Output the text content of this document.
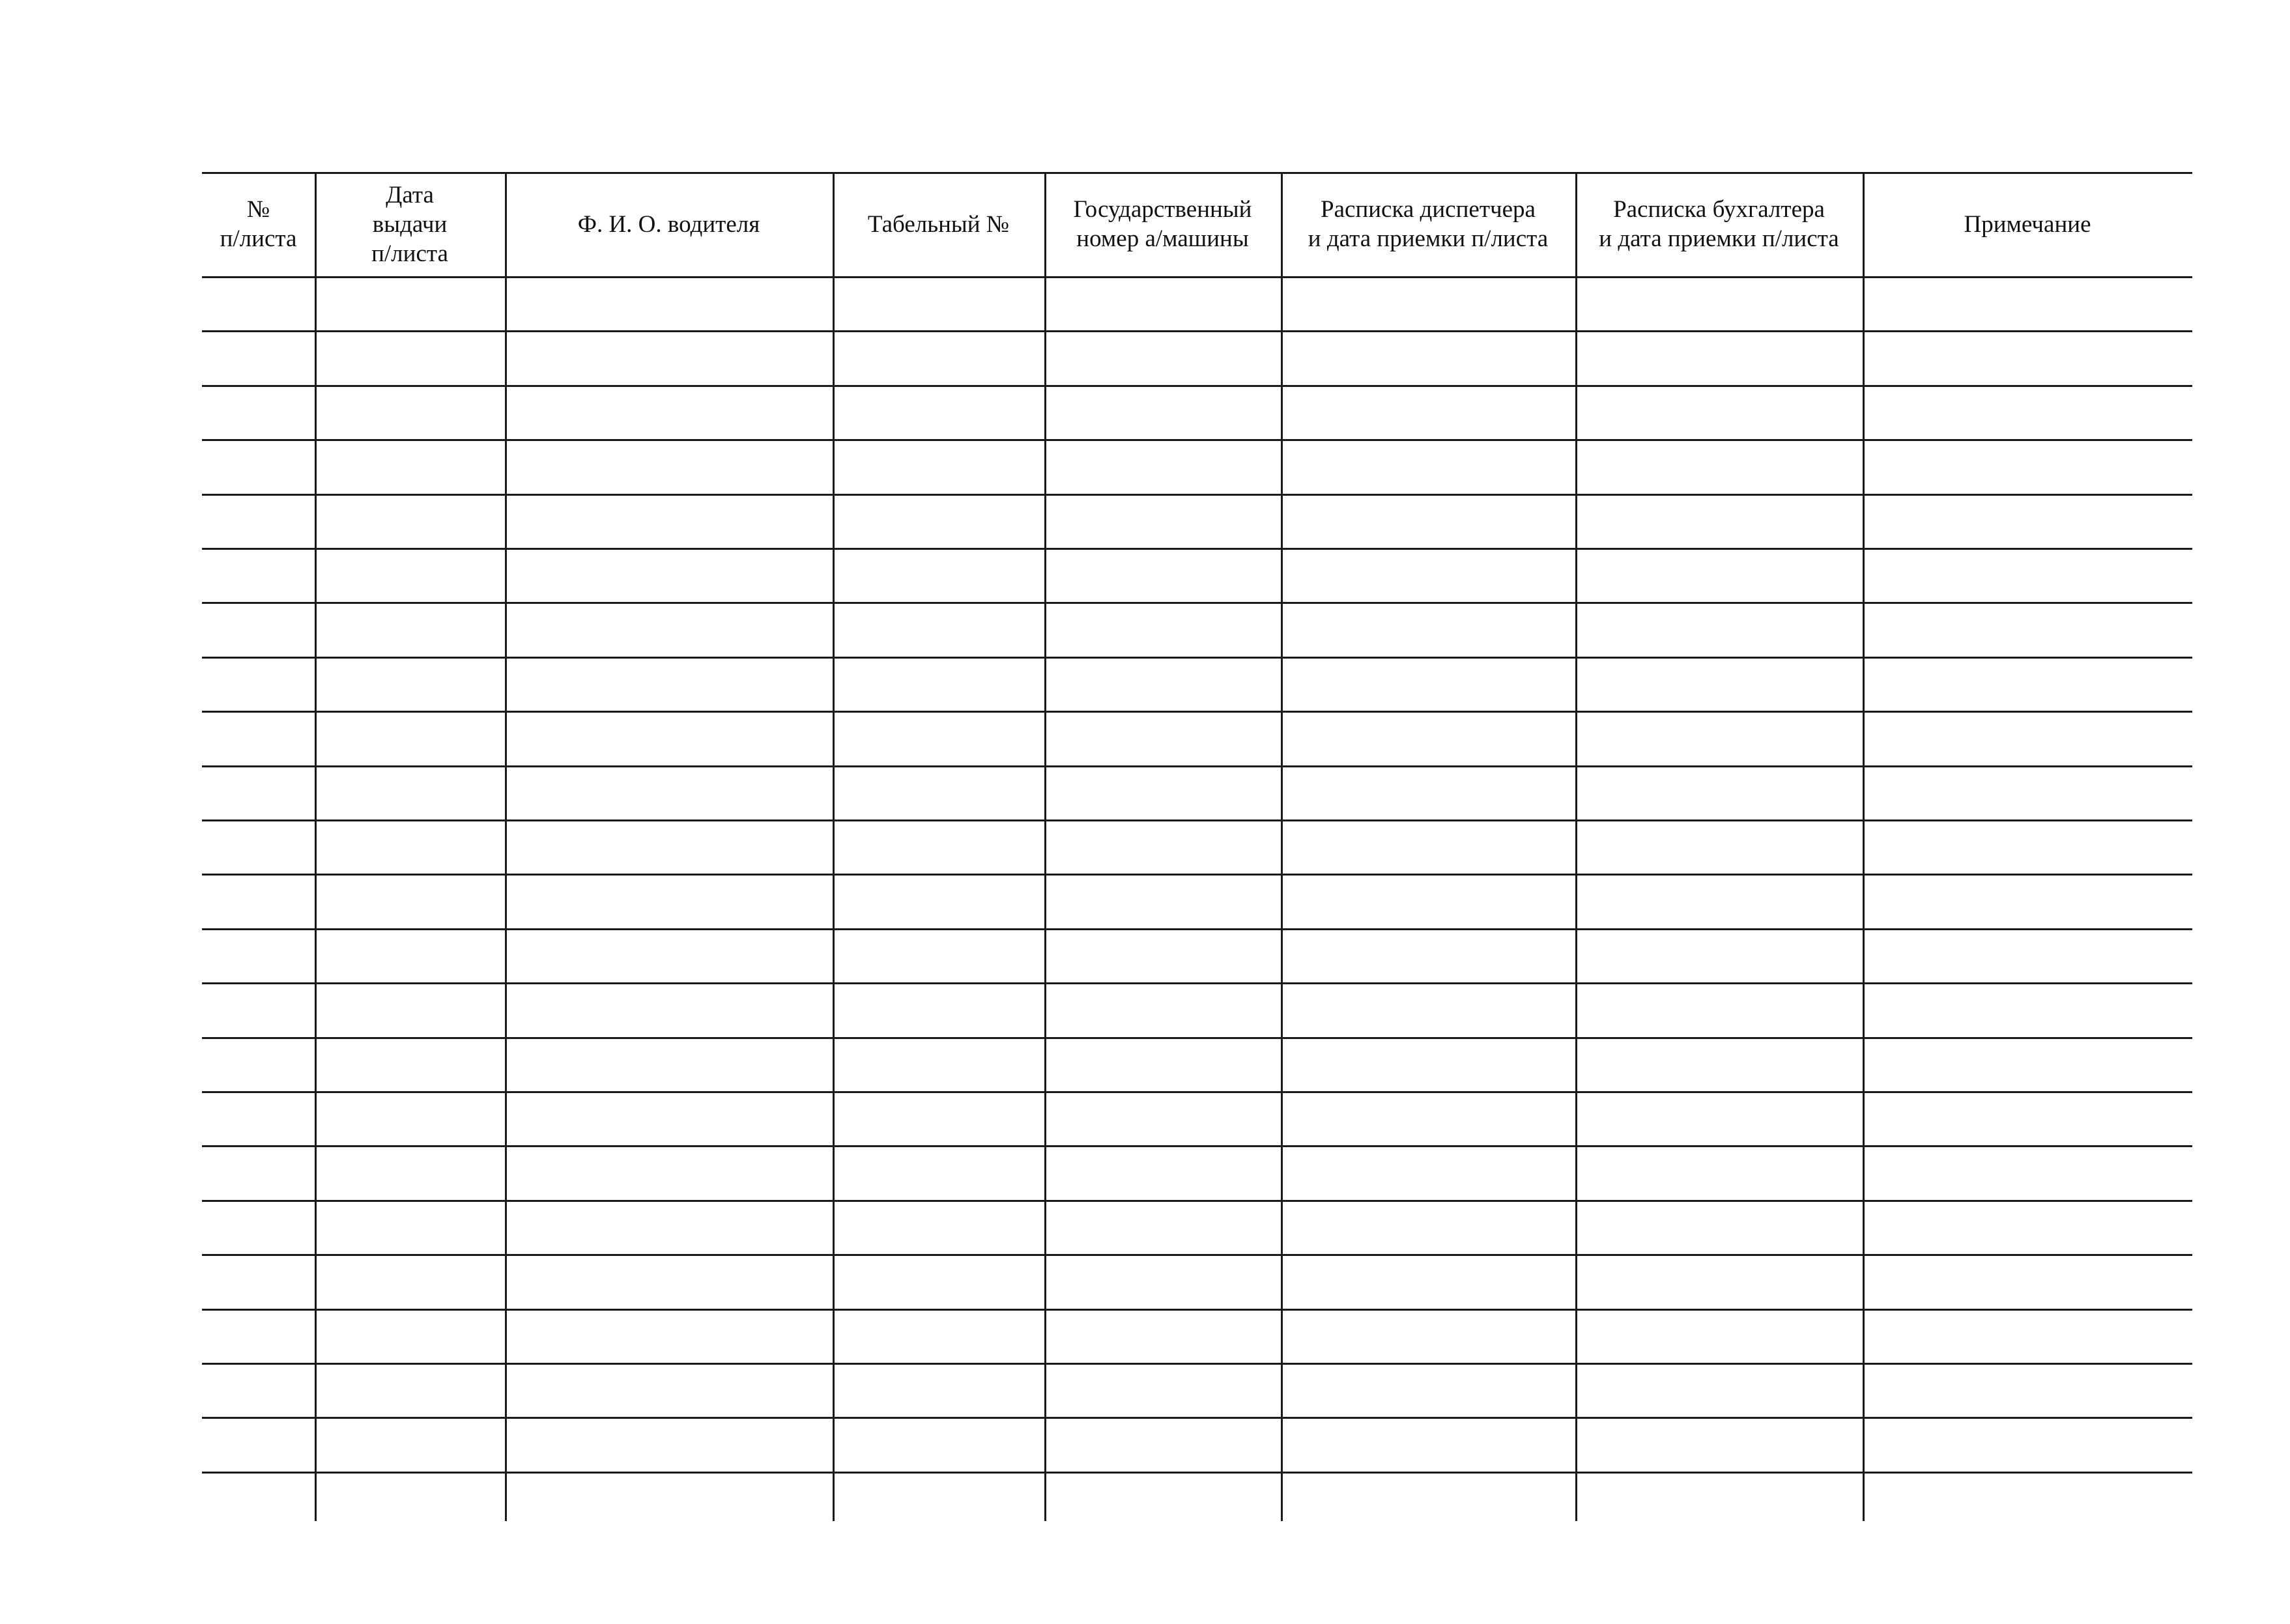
№
п/листа
Дата
выдачи
п/листа
Ф. И. О. водителя	Табельный №
Государственный
номер а/машины
Расписка диспетчера
и дата приемки п/листа
Расписка бухгалтера
и дата приемки п/листа
Примечание
